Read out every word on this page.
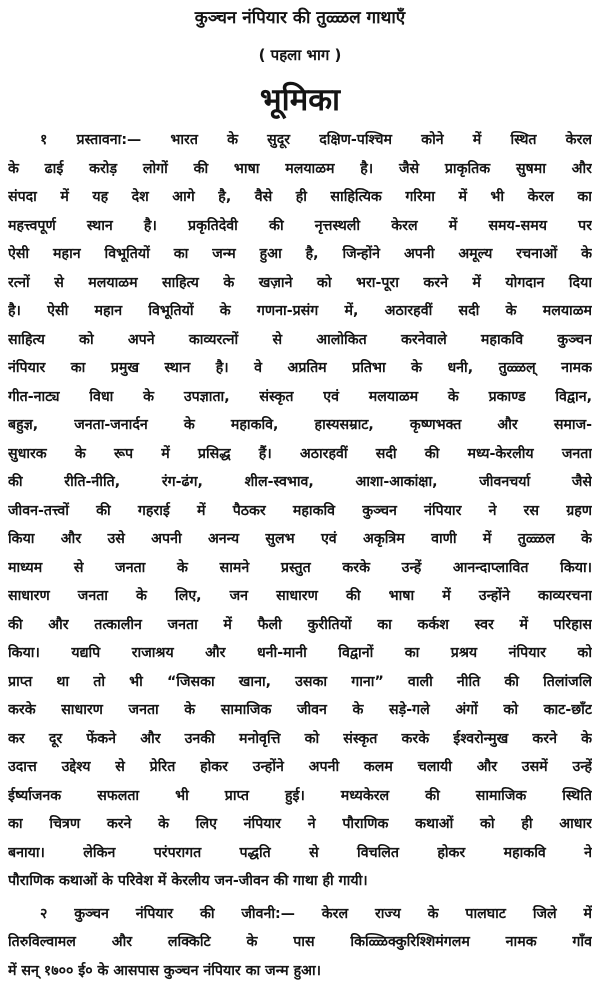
कुञ्चन नंपियार की तुळ्ळल गाथाएँ
( पहला भाग )
भूमिका
१ प्रस्तावना:— भारत के सुदूर दक्षिण-पश्चिम कोने में स्थित केरल
के ढाई करोड़ लोगों की भाषा मलयाळम है। जैसे प्राकृतिक सुषमा और
संपदा में यह देश आगे है, वैसे ही साहित्यिक गरिमा में भी केरल का
महत्त्वपूर्ण स्थान है। प्रकृतिदेवी की नृत्तस्थली केरल में समय-समय पर
ऐसी महान विभूतियों का जन्म हुआ है, जिन्होंने अपनी अमूल्य रचनाओं के
रत्नों से मलयाळम साहित्य के खज़ाने को भरा-पूरा करने में योगदान दिया
है। ऐसी महान विभूतियों के गणना-प्रसंग में, अठारहवीं सदी के मलयाळम
साहित्य को अपने काव्यरत्नों से आलोकित करनेवाले महाकवि कुञ्चन
नंपियार का प्रमुख स्थान है। वे अप्रतिम प्रतिभा के धनी, तुळ्ळल् नामक
गीत-नाट्य विधा के उपज्ञाता, संस्कृत एवं मलयाळम के प्रकाण्ड विद्वान,
बहुज्ञ, जनता-जनार्दन के महाकवि, हास्यसम्राट, कृष्णभक्त और समाज-
सुधारक के रूप में प्रसिद्ध हैं। अठारहवीं सदी की मध्य-केरलीय जनता
की रीति-नीति, रंग-ढंग, शील-स्वभाव, आशा-आकांक्षा, जीवनचर्या जैसे
जीवन-तत्त्वों की गहराई में पैठकर महाकवि कुञ्चन नंपियार ने रस ग्रहण
किया और उसे अपनी अनन्य सुलभ एवं अकृत्रिम वाणी में तुळ्ळल के
माध्यम से जनता के सामने प्रस्तुत करके उन्हें आनन्दाप्लावित किया।
साधारण जनता के लिए, जन साधारण की भाषा में उन्होंने काव्यरचना
की और तत्कालीन जनता में फैली कुरीतियों का कर्कश स्वर में परिहास
किया। यद्यपि राजाश्रय और धनी-मानी विद्वानों का प्रश्रय नंपियार को
प्राप्त था तो भी “जिसका खाना, उसका गाना” वाली नीति की तिलांजलि
करके साधारण जनता के सामाजिक जीवन के सड़े-गले अंगों को काट-छाँट
कर दूर फेंकने और उनकी मनोवृत्ति को संस्कृत करके ईश्वरोन्मुख करने के
उदात्त उद्देश्य से प्रेरित होकर उन्होंने अपनी कलम चलायी और उसमें उन्हें
ईर्ष्याजनक सफलता भी प्राप्त हुई। मध्यकेरल की सामाजिक स्थिति
का चित्रण करने के लिए नंपियार ने पौराणिक कथाओं को ही आधार
बनाया। लेकिन परंपरागत पद्धति से विचलित होकर महाकवि ने
पौराणिक कथाओं के परिवेश में केरलीय जन-जीवन की गाथा ही गायी।
२ कुञ्चन नंपियार की जीवनी:— केरल राज्य के पालघाट जिले में
तिरुविल्वामल और लक्किटि के पास किळ्ळिक्कुरिश्शिमंगलम नामक गाँव
में सन् १७०० ई० के आसपास कुञ्चन नंपियार का जन्म हुआ।
